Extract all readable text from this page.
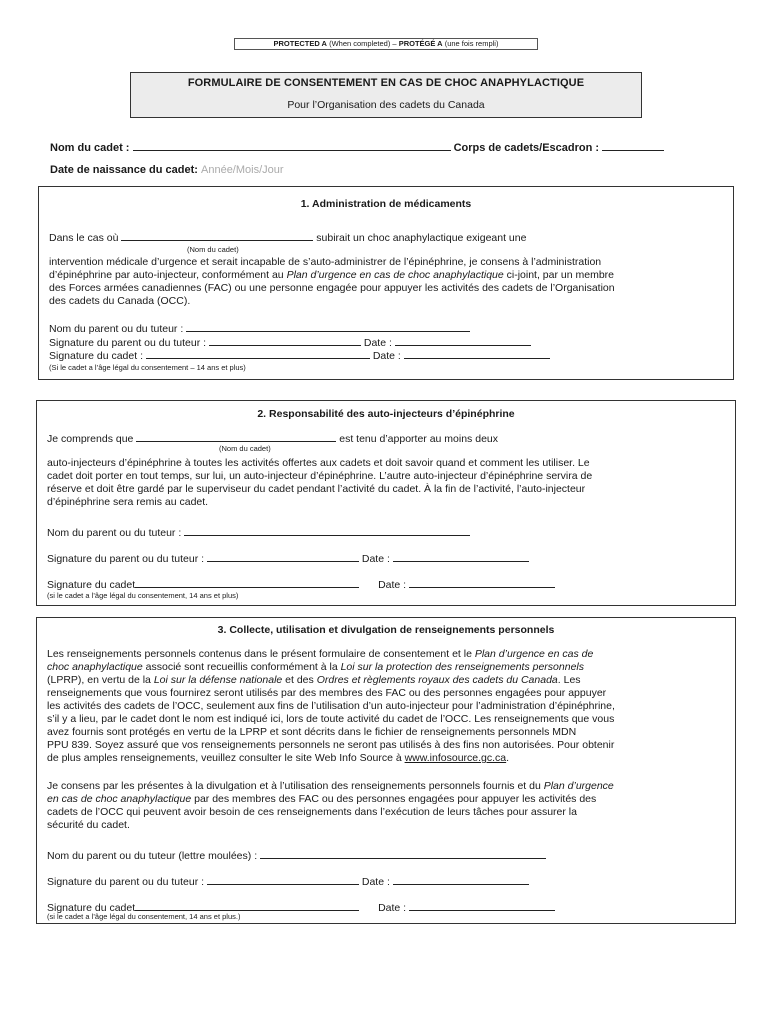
PROTECTED A (When completed) – PROTÉGÉ A (une fois rempli)
FORMULAIRE DE CONSENTEMENT EN CAS DE CHOC ANAPHYLACTIQUE
Pour l’Organisation des cadets du Canada
Nom du cadet :	Corps de cadets/Escadron :
Date de naissance du cadet: Année/Mois/Jour
1. Administration de médicaments
Dans le cas où	subirait un choc anaphylactique exigeant une
(Nom du cadet)
intervention médicale d’urgence et serait incapable de s’auto-administrer de l’épinéphrine, je consens à l’administration
d’épinéphrine par auto-injecteur, conformément au Plan d’urgence en cas de choc anaphylactique ci-joint, par un membre
des Forces armées canadiennes (FAC) ou une personne engagée pour appuyer les activités des cadets de l’Organisation
des cadets du Canada (OCC).
Nom du parent ou du tuteur :
Signature du parent ou du tuteur :	Date :
Signature du cadet :	Date :
(Si le cadet a l’âge légal du consentement – 14 ans et plus)
2. Responsabilité des auto-injecteurs d’épinéphrine
Je comprends que	est tenu d’apporter au moins deux
(Nom du cadet)
auto-injecteurs d’épinéphrine à toutes les activités offertes aux cadets et doit savoir quand et comment les utiliser. Le
cadet doit porter en tout temps, sur lui, un auto-injecteur d’épinéphrine. L’autre auto-injecteur d’épinéphrine servira de
réserve et doit être gardé par le superviseur du cadet pendant l’activité du cadet. À la fin de l’activité, l’auto-injecteur
d’épinéphrine sera remis au cadet.
Nom du parent ou du tuteur :
Signature du parent ou du tuteur :	Date :
Signature du cadet	Date :
(si le cadet a l’âge légal du consentement, 14 ans et plus)
3. Collecte, utilisation et divulgation de renseignements personnels
Les renseignements personnels contenus dans le présent formulaire de consentement et le Plan d’urgence en cas de
choc anaphylactique associé sont recueillis conformément à la Loi sur la protection des renseignements personnels
(LPRP), en vertu de la Loi sur la défense nationale et des Ordres et règlements royaux des cadets du Canada. Les
renseignements que vous fournirez seront utilisés par des membres des FAC ou des personnes engagées pour appuyer
les activités des cadets de l’OCC, seulement aux fins de l’utilisation d’un auto-injecteur pour l’administration d’épinéphrine,
s’il y a lieu, par le cadet dont le nom est indiqué ici, lors de toute activité du cadet de l’OCC. Les renseignements que vous
avez fournis sont protégés en vertu de la LPRP et sont décrits dans le fichier de renseignements personnels MDN
PPU 839. Soyez assuré que vos renseignements personnels ne seront pas utilisés à des fins non autorisées. Pour obtenir
de plus amples renseignements, veuillez consulter le site Web Info Source à www.infosource.gc.ca.
Je consens par les présentes à la divulgation et à l’utilisation des renseignements personnels fournis et du Plan d’urgence
en cas de choc anaphylactique par des membres des FAC ou des personnes engagées pour appuyer les activités des
cadets de l’OCC qui peuvent avoir besoin de ces renseignements dans l’exécution de leurs tâches pour assurer la
sécurité du cadet.
Nom du parent ou du tuteur (lettre moulées) :
Signature du parent ou du tuteur :	Date :
Signature du cadet	Date :
(si le cadet a l’âge légal du consentement, 14 ans et plus.)
